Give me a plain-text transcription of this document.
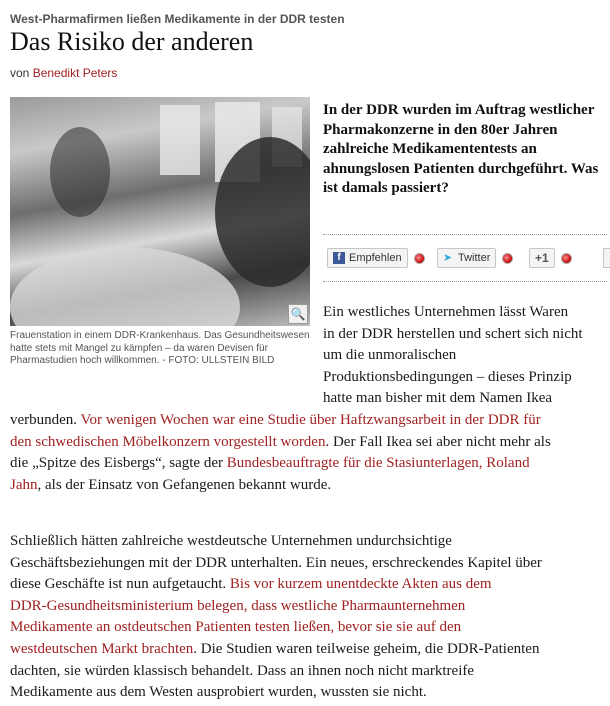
West-Pharmafirmen ließen Medikamente in der DDR testen

Das Risiko der anderen

von Benedikt Peters

🔍

Frauenstation in einem DDR-Krankenhaus. Das Gesundheitswesen hatte stets mit Mangel zu kämpfen – da waren Devisen für Pharmastudien hoch willkommen. - FOTO: ULLSTEIN BILD

In der DDR wurden im Auftrag westlicher Pharmakonzerne in den 80er Jahren zahlreiche Medikamententests an ahnungslosen Patienten durchgeführt. Was ist damals passiert?

f Empfehlen	➤ Twitter	+1

Ein westliches Unternehmen lässt Waren
in der DDR herstellen und schert sich nicht
um die unmoralischen
Produktionsbedingungen – dieses Prinzip
hatte man bisher mit dem Namen Ikea

verbunden. Vor wenigen Wochen war eine Studie über Haftzwangsarbeit in der DDR für
den schwedischen Möbelkonzern vorgestellt worden. Der Fall Ikea sei aber nicht mehr als
die „Spitze des Eisbergs“, sagte der Bundesbeauftragte für die Stasiunterlagen, Roland
Jahn, als der Einsatz von Gefangenen bekannt wurde.

Schließlich hätten zahlreiche westdeutsche Unternehmen undurchsichtige
Geschäftsbeziehungen mit der DDR unterhalten. Ein neues, erschreckendes Kapitel über
diese Geschäfte ist nun aufgetaucht. Bis vor kurzem unentdeckte Akten aus dem
DDR-Gesundheitsministerium belegen, dass westliche Pharmaunternehmen
Medikamente an ostdeutschen Patienten testen ließen, bevor sie sie auf den
westdeutschen Markt brachten. Die Studien waren teilweise geheim, die DDR-Patienten
dachten, sie würden klassisch behandelt. Dass an ihnen noch nicht marktreife
Medikamente aus dem Westen ausprobiert wurden, wussten sie nicht.
